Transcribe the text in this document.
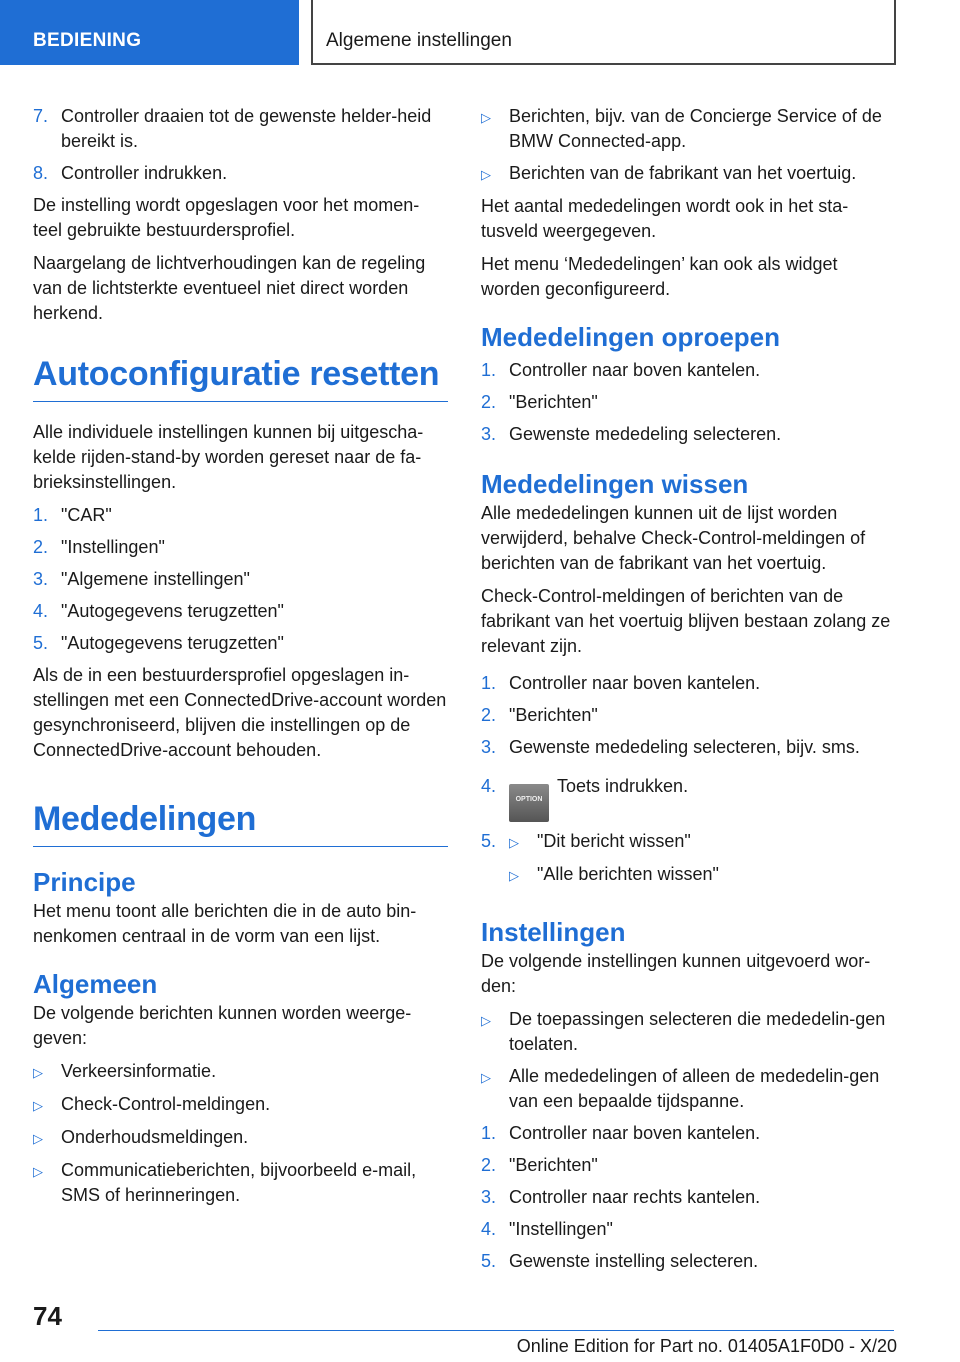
BEDIENING	Algemene instellingen
7. Controller draaien tot de gewenste helder-heid bereikt is.
8. Controller indrukken.

De instelling wordt opgeslagen voor het momen-teel gebruikte bestuurdersprofiel.

Naargelang de lichtverhoudingen kan de regeling van de lichtsterkte eventueel niet direct worden herkend.

Autoconfiguratie resetten

Alle individuele instellingen kunnen bij uitgescha-kelde rijden-stand-by worden gereset naar de fa-brieksinstellingen.

1. "CAR"
2. "Instellingen"
3. "Algemene instellingen"
4. "Autogegevens terugzetten"
5. "Autogegevens terugzetten"

Als de in een bestuurdersprofiel opgeslagen in-stellingen met een ConnectedDrive-account worden gesynchroniseerd, blijven die instellingen op de ConnectedDrive-account behouden.

Mededelingen
Principe

Het menu toont alle berichten die in de auto bin-nenkomen centraal in de vorm van een lijst.

Algemeen

De volgende berichten kunnen worden weerge-geven:

▷	Verkeersinformatie.
▷	Check-Control-meldingen.
▷	Onderhoudsmeldingen.
▷	Communicatieberichten, bijvoorbeeld e-mail, SMS of herinneringen.
▷	Berichten, bijv. van de Concierge Service of de BMW Connected-app.
▷	Berichten van de fabrikant van het voertuig.

Het aantal mededelingen wordt ook in het sta-tusveld weergegeven.

Het menu ‘Mededelingen’ kan ook als widget worden geconfigureerd.

Mededelingen oproepen
1. Controller naar boven kantelen.
2. "Berichten"
3. Gewenste mededeling selecteren.
Mededelingen wissen

Alle mededelingen kunnen uit de lijst worden verwijderd, behalve Check-Control-meldingen of berichten van de fabrikant van het voertuig.

Check-Control-meldingen of berichten van de fabrikant van het voertuig blijven bestaan zolang ze relevant zijn.

1. Controller naar boven kantelen.
2. "Berichten"
3. Gewenste mededeling selecteren, bijv. sms.
4.
OPTIONToets indrukken.
5. ▷	"Dit bericht wissen"
▷	"Alle berichten wissen"
Instellingen

De volgende instellingen kunnen uitgevoerd wor-den:

▷	De toepassingen selecteren die mededelin-gen toelaten.
▷	Alle mededelingen of alleen de mededelin-gen van een bepaalde tijdspanne.
1. Controller naar boven kantelen.
2. "Berichten"
3. Controller naar rechts kantelen.
4. "Instellingen"
5. Gewenste instelling selecteren.
74
Online Edition for Part no. 01405A1F0D0 - X/20
